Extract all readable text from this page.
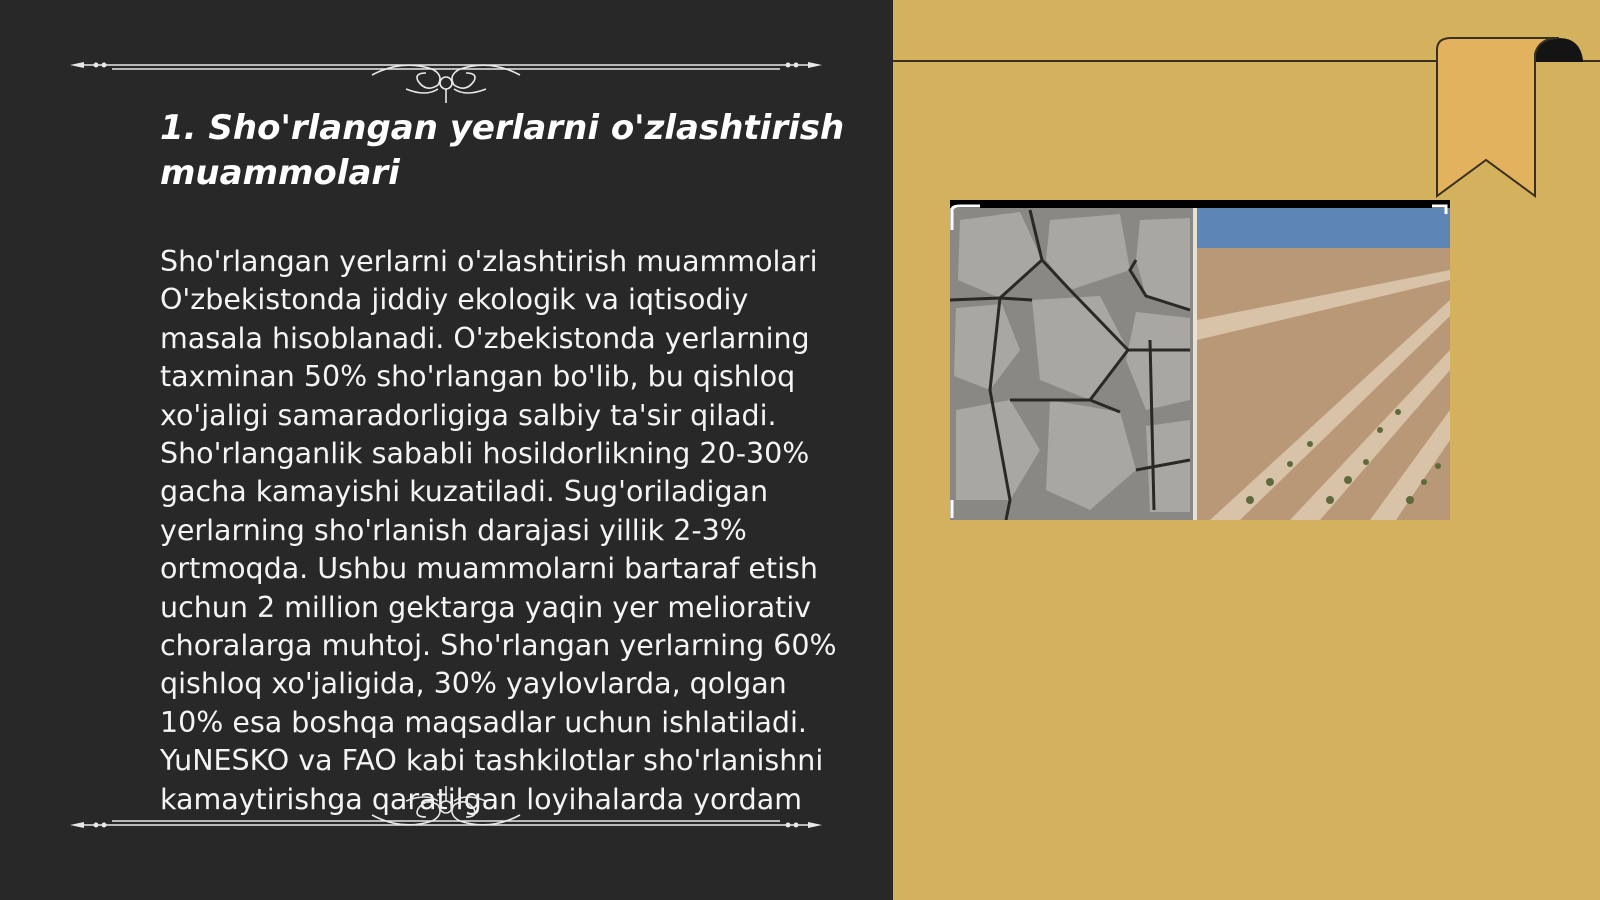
1. Sho'rlangan yerlarni o'zlashtirish muammolari

Sho'rlangan yerlarni o'zlashtirish muammolari O'zbekistonda jiddiy ekologik va iqtisodiy masala hisoblanadi. O'zbekistonda yerlarning taxminan 50% sho'rlangan bo'lib, bu qishloq xo'jaligi samaradorligiga salbiy ta'sir qiladi. Sho'rlanganlik sababli hosildorlikning 20-30% gacha kamayishi kuzatiladi. Sug'oriladigan yerlarning sho'rlanish darajasi yillik 2-3% ortmoqda. Ushbu muammolarni bartaraf etish uchun 2 million gektarga yaqin yer meliorativ choralarga muhtoj. Sho'rlangan yerlarning 60% qishloq xo'jaligida, 30% yaylovlarda, qolgan 10% esa boshqa maqsadlar uchun ishlatiladi. YuNESKO va FAO kabi tashkilotlar sho'rlanishni kamaytirishga qaratilgan loyihalarda yordam
